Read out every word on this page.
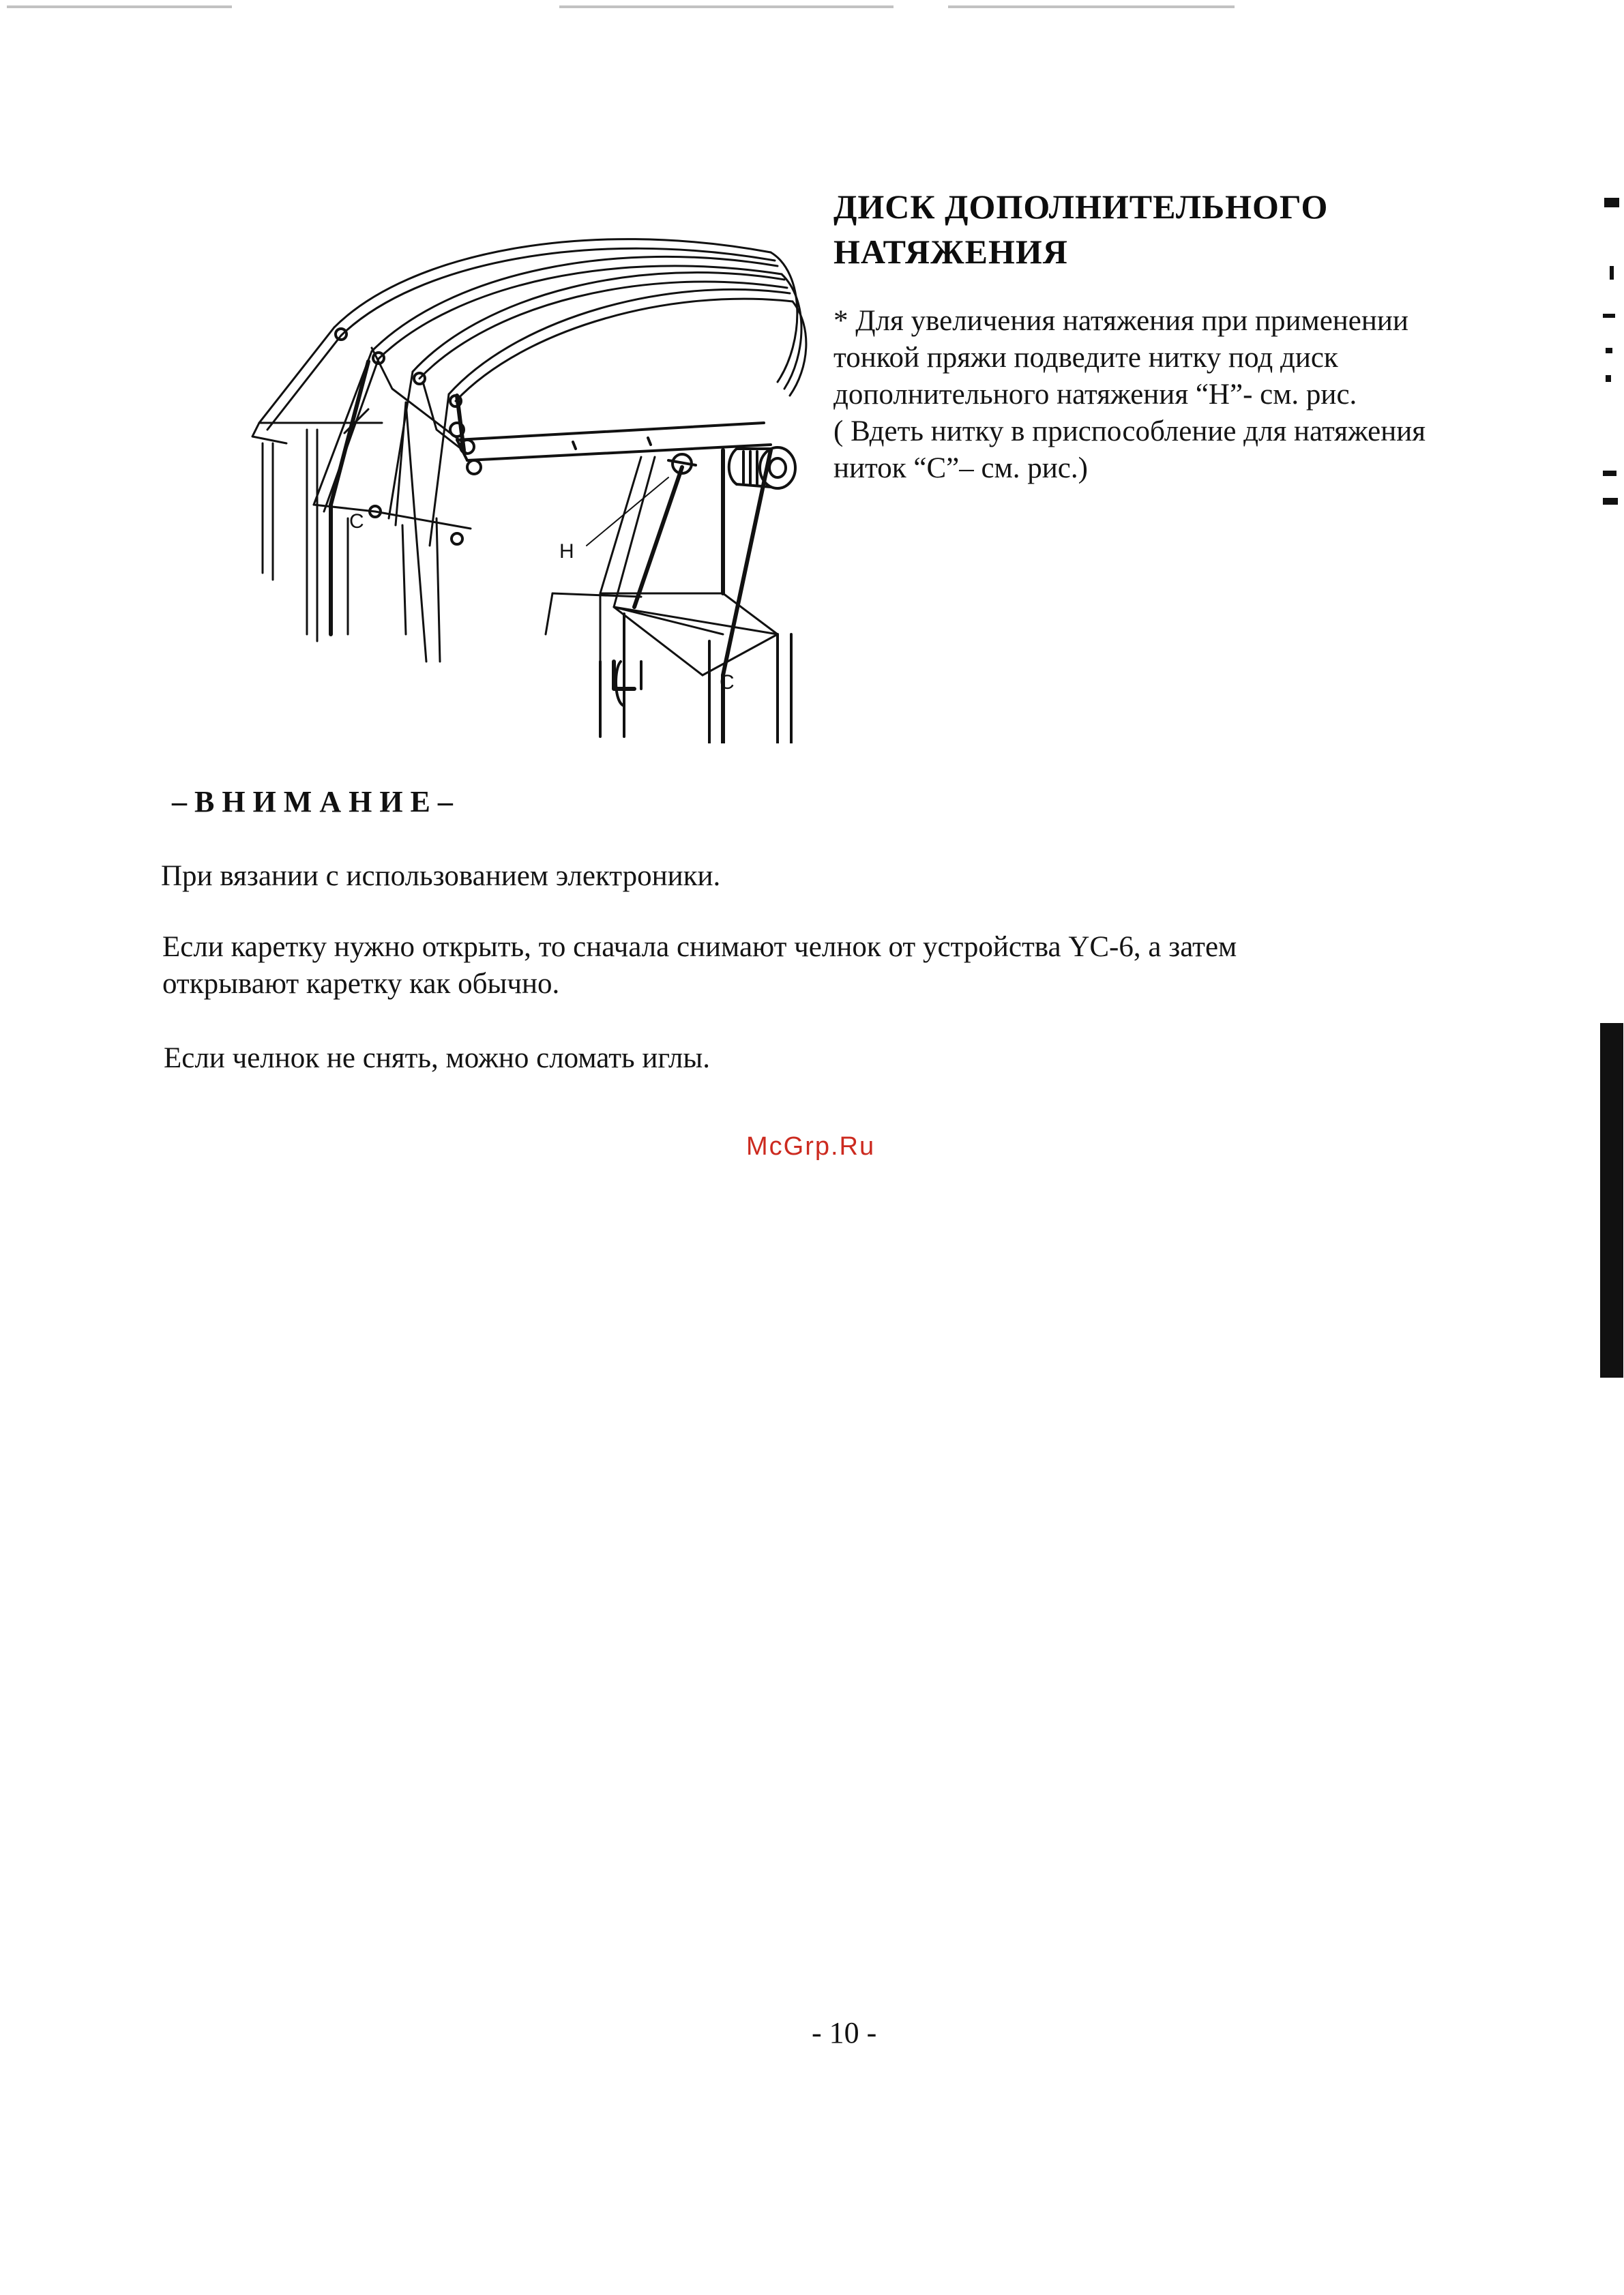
C
H
C
ДИСК ДОПОЛНИТЕЛЬНОГО
НАТЯЖЕНИЯ
* Для увеличения натяжения при применении
тонкой пряжи подведите нитку под диск
дополнительного натяжения “H”- см. рис.
( Вдеть нитку в приспособление для натяжения
ниток “С”– см. рис.)
–ВНИМАНИЕ–
При вязании с использованием электроники.
Если каретку нужно открыть, то сначала снимают челнок от устройства YC-6, а затем
открывают каретку как обычно.
Если челнок не снять, можно сломать иглы.
McGrp.Ru
- 10 -
